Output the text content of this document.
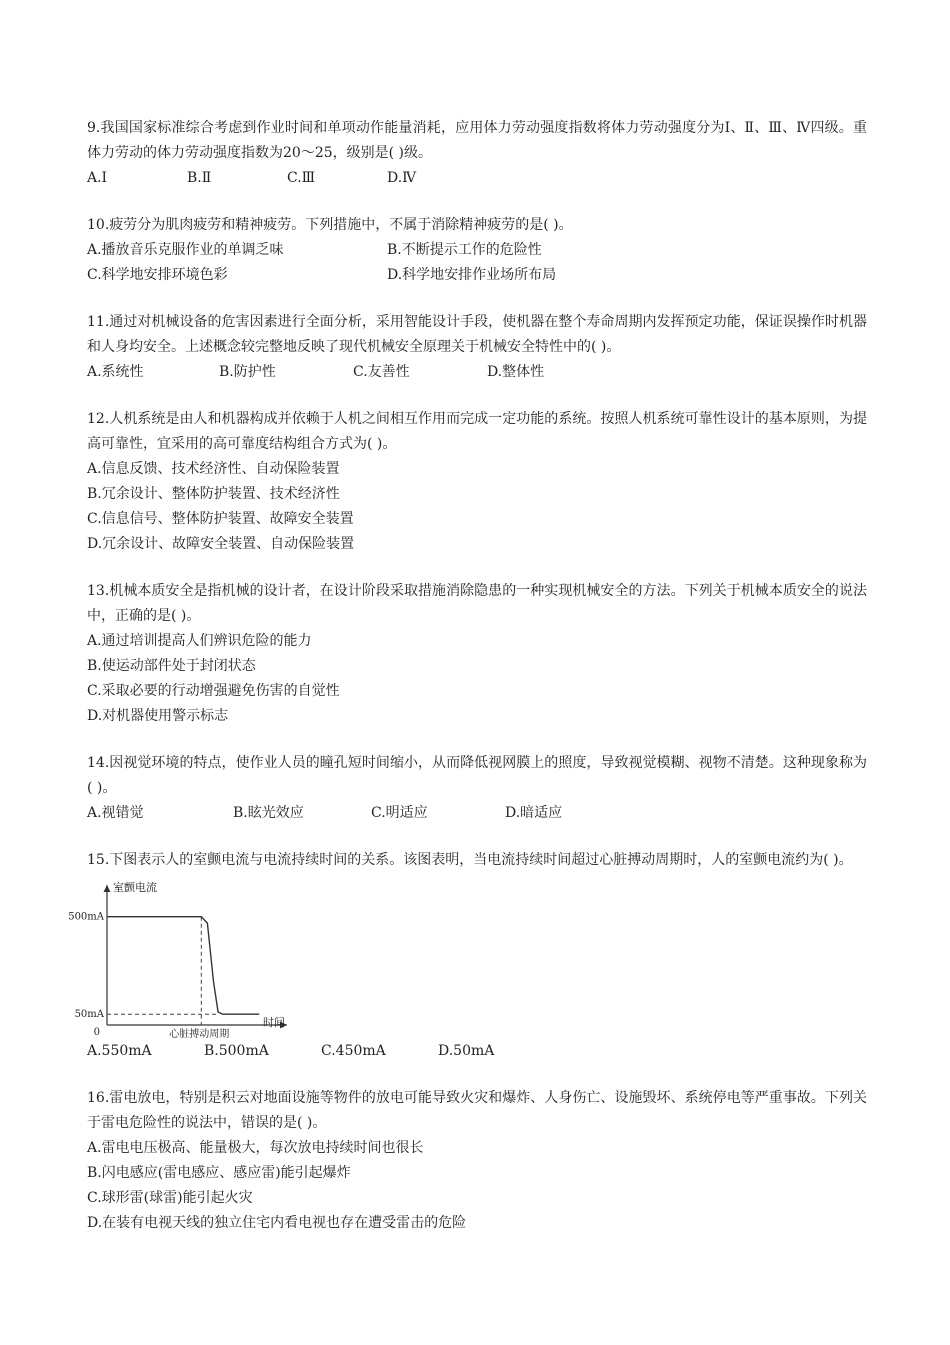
9.我国国家标准综合考虑到作业时间和单项动作能量消耗，应用体力劳动强度指数将体力劳动强度分为Ⅰ、Ⅱ、Ⅲ、Ⅳ四级。重体力劳动的体力劳动强度指数为20～25，级别是( )级。

A.Ⅰ	B.Ⅱ	C.Ⅲ	D.Ⅳ

10.疲劳分为肌肉疲劳和精神疲劳。下列措施中，不属于消除精神疲劳的是( )。

A.播放音乐克服作业的单调乏味	B.不断提示工作的危险性
C.科学地安排环境色彩	D.科学地安排作业场所布局

11.通过对机械设备的危害因素进行全面分析，采用智能设计手段，使机器在整个寿命周期内发挥预定功能，保证误操作时机器和人身均安全。上述概念较完整地反映了现代机械安全原理关于机械安全特性中的( )。

A.系统性	B.防护性	C.友善性	D.整体性

12.人机系统是由人和机器构成并依赖于人机之间相互作用而完成一定功能的系统。按照人机系统可靠性设计的基本原则，为提高可靠性，宜采用的高可靠度结构组合方式为( )。

A.信息反馈、技术经济性、自动保险装置
B.冗余设计、整体防护装置、技术经济性
C.信息信号、整体防护装置、故障安全装置
D.冗余设计、故障安全装置、自动保险装置

13.机械本质安全是指机械的设计者，在设计阶段采取措施消除隐患的一种实现机械安全的方法。下列关于机械本质安全的说法中，正确的是( )。

A.通过培训提高人们辨识危险的能力
B.使运动部件处于封闭状态
C.采取必要的行动增强避免伤害的自觉性
D.对机器使用警示标志

14.因视觉环境的特点，使作业人员的瞳孔短时间缩小，从而降低视网膜上的照度，导致视觉模糊、视物不清楚。这种现象称为( )。

A.视错觉	B.眩光效应	C.明适应	D.暗适应

15.下图表示人的室颤电流与电流持续时间的关系。该图表明，当电流持续时间超过心脏搏动周期时，人的室颤电流约为( )。

室颤电流
时间
0
500mA
50mA
心脏搏动周期
A.550mA	B.500mA	C.450mA	D.50mA

16.雷电放电，特别是积云对地面设施等物件的放电可能导致火灾和爆炸、人身伤亡、设施毁坏、系统停电等严重事故。下列关于雷电危险性的说法中，错误的是( )。

A.雷电电压极高、能量极大，每次放电持续时间也很长
B.闪电感应(雷电感应、感应雷)能引起爆炸
C.球形雷(球雷)能引起火灾
D.在装有电视天线的独立住宅内看电视也存在遭受雷击的危险
